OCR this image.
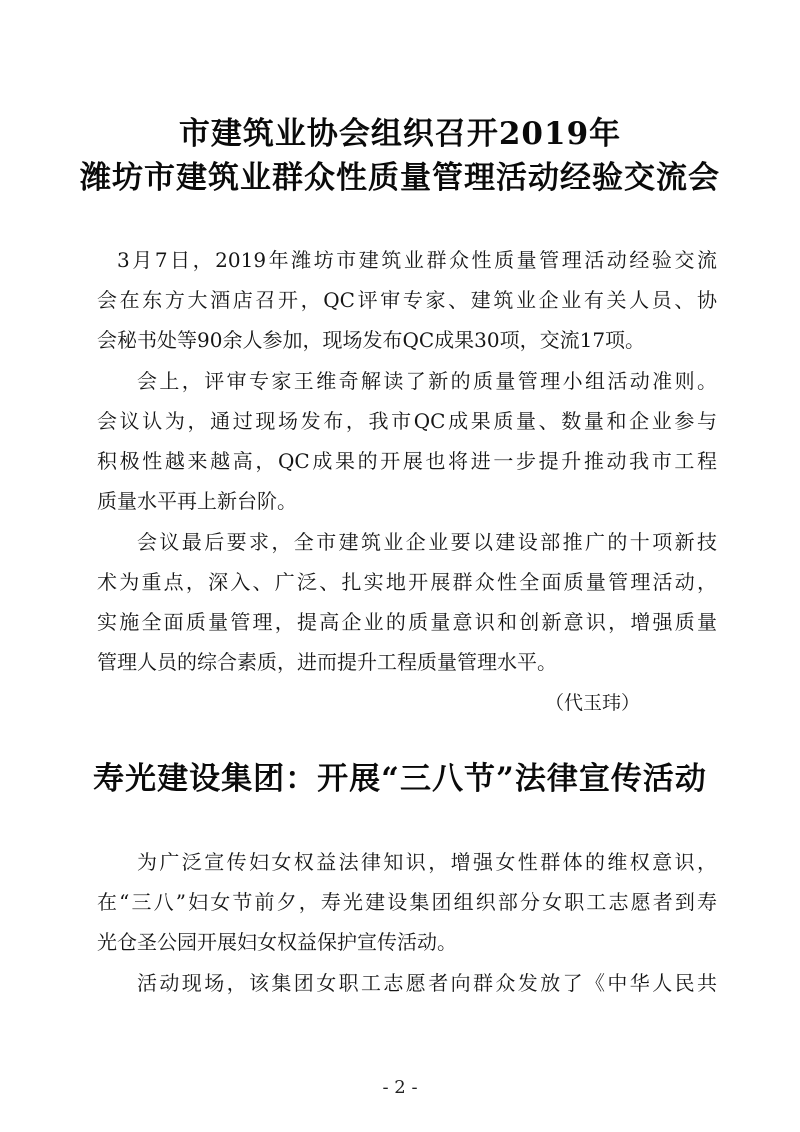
市建筑业协会组织召开2019年
潍坊市建筑业群众性质量管理活动经验交流会
3月7日，2019年潍坊市建筑业群众性质量管理活动经验交流
会在东方大酒店召开，QC评审专家、建筑业企业有关人员、协
会秘书处等90余人参加，现场发布QC成果30项，交流17项。
会上，评审专家王维奇解读了新的质量管理小组活动准则。
会议认为，通过现场发布，我市QC成果质量、数量和企业参与
积极性越来越高，QC成果的开展也将进一步提升推动我市工程
质量水平再上新台阶。
会议最后要求，全市建筑业企业要以建设部推广的十项新技
术为重点，深入、广泛、扎实地开展群众性全面质量管理活动，
实施全面质量管理，提高企业的质量意识和创新意识，增强质量
管理人员的综合素质，进而提升工程质量管理水平。
（代玉玮）
寿光建设集团：开展“三八节”法律宣传活动
为广泛宣传妇女权益法律知识，增强女性群体的维权意识，
在“三八”妇女节前夕，寿光建设集团组织部分女职工志愿者到寿
光仓圣公园开展妇女权益保护宣传活动。
活动现场，该集团女职工志愿者向群众发放了《中华人民共
- 2 -
